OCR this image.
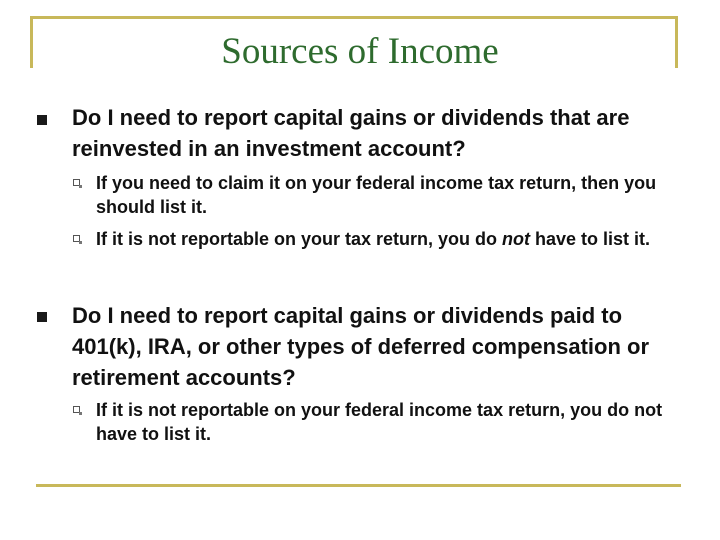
Sources of Income
Do I need to report capital gains or dividends that are reinvested in an investment account?
If you need to claim it on your federal income tax return, then you should list it.
If it is not reportable on your tax return, you do not have to list it.
Do I need to report capital gains or dividends paid to 401(k), IRA, or other types of deferred compensation or retirement accounts?
If it is not reportable on your federal income tax return, you do not have to list it.
